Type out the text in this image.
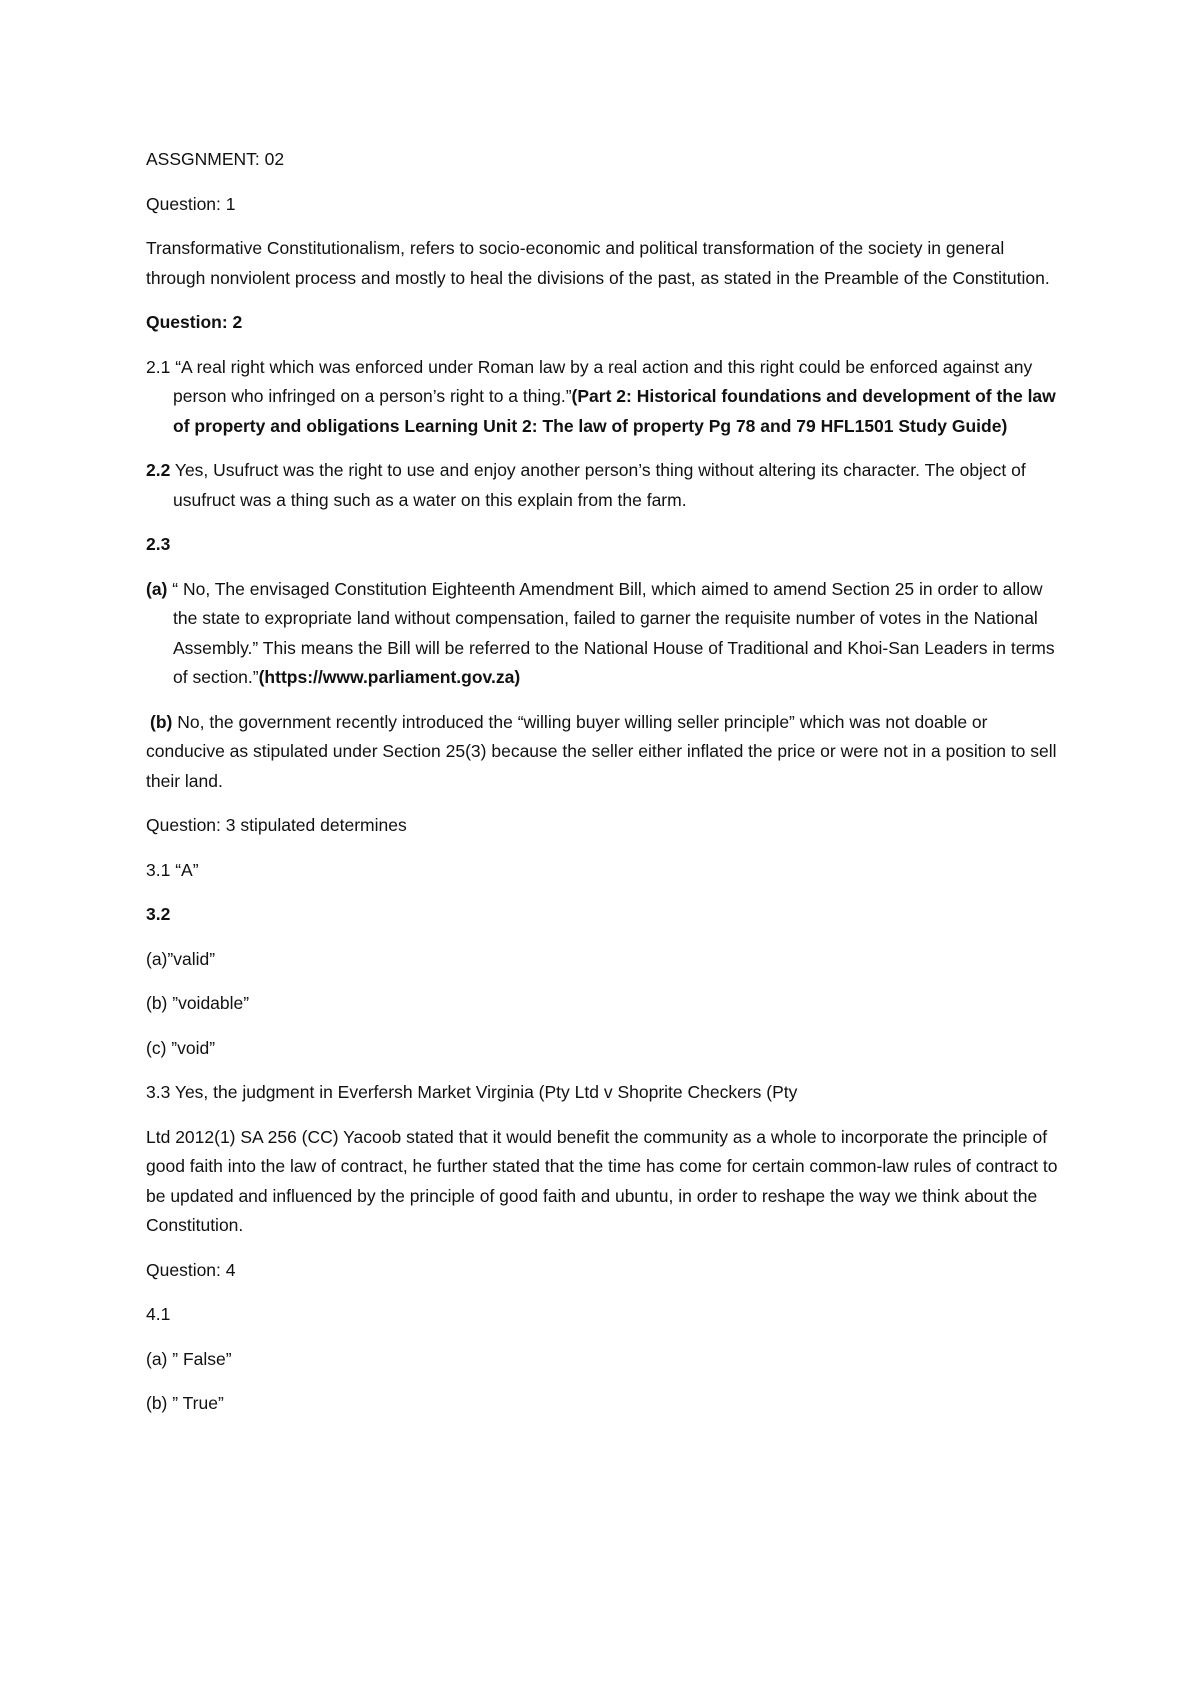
ASSGNMENT: 02

Question: 1

Transformative Constitutionalism, refers to socio-economic and political transformation of the society in general through nonviolent process and mostly to heal the divisions of the past, as stated in the Preamble of the Constitution.

Question: 2

2.1 “A real right which was enforced under Roman law by a real action and this right could be enforced against any person who infringed on a person’s right to a thing.”(Part 2: Historical foundations and development of the law of property and obligations Learning Unit 2: The law of property Pg 78 and 79 HFL1501 Study Guide)

2.2 Yes, Usufruct was the right to use and enjoy another person’s thing without altering its character. The object of usufruct was a thing such as a water on this explain from the farm.

2.3

(a) “ No, The envisaged Constitution Eighteenth Amendment Bill, which aimed to amend Section 25 in order to allow the state to expropriate land without compensation, failed to garner the requisite number of votes in the National Assembly.” This means the Bill will be referred to the National House of Traditional and Khoi-San Leaders in terms of section.”(https://www.parliament.gov.za)

(b) No, the government recently introduced the “willing buyer willing seller principle” which was not doable or conducive as stipulated under Section 25(3) because the seller either inflated the price or were not in a position to sell their land.

Question: 3 stipulated determines

3.1 “A”

3.2

(a)”valid”

(b) ”voidable”

(c) ”void”

3.3 Yes, the judgment in Everfersh Market Virginia (Pty Ltd v Shoprite Checkers (Pty

Ltd 2012(1) SA 256 (CC) Yacoob stated that it would benefit the community as a whole to incorporate the principle of good faith into the law of contract, he further stated that the time has come for certain common-law rules of contract to be updated and influenced by the principle of good faith and ubuntu, in order to reshape the way we think about the Constitution.

Question: 4

4.1

(a) ” False”

(b) ” True”
